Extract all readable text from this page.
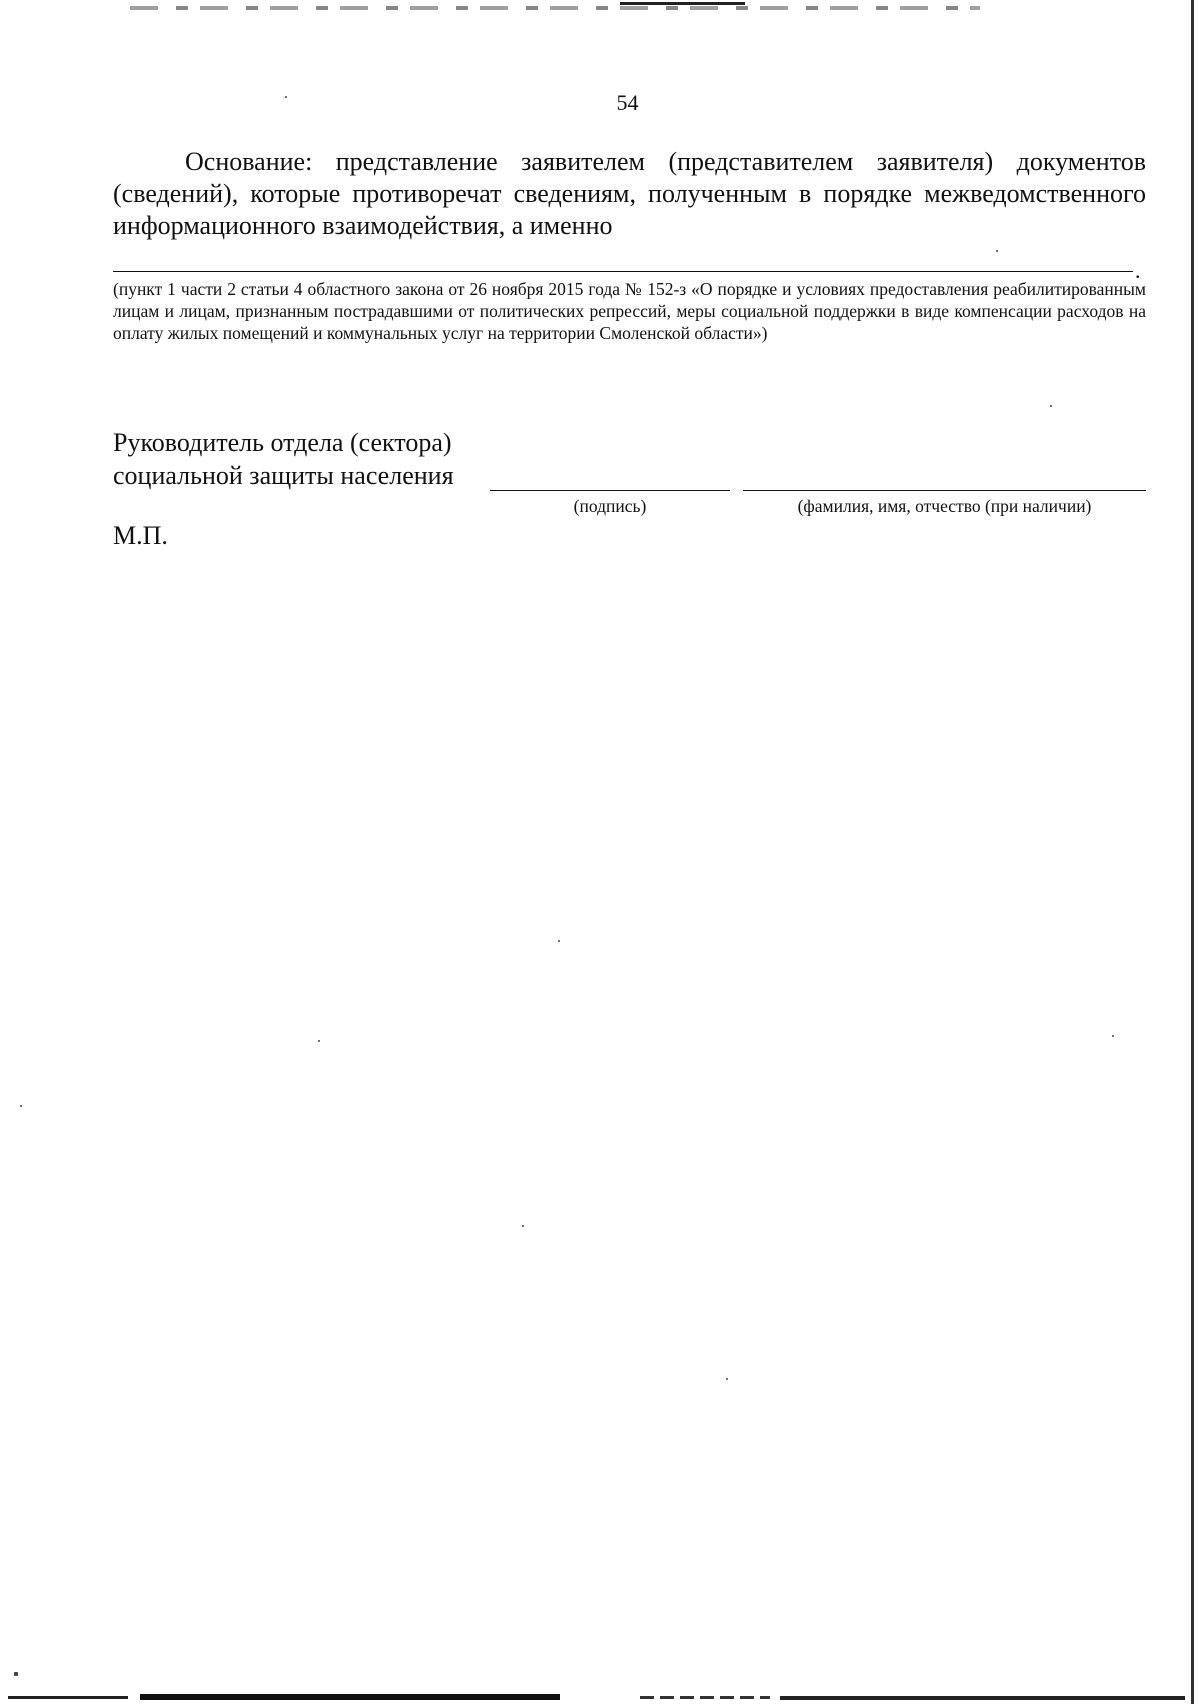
54

Основание: представление заявителем (представителем заявителя) документов (сведений), которые противоречат сведениям, полученным в порядке межведомственного информационного взаимодействия, а именно

.

(пункт 1 части 2 статьи 4 областного закона от 26 ноября 2015 года № 152-з «О порядке и условиях предоставления реабилитированным лицам и лицам, признанным пострадавшими от политических репрессий, меры социальной поддержки в виде компенсации расходов на оплату жилых помещений и коммунальных услуг на территории Смоленской области»)

Руководитель отдела (сектора)
социальной защиты населения
(подпись)	(фамилия, имя, отчество (при наличии)
М.П.
